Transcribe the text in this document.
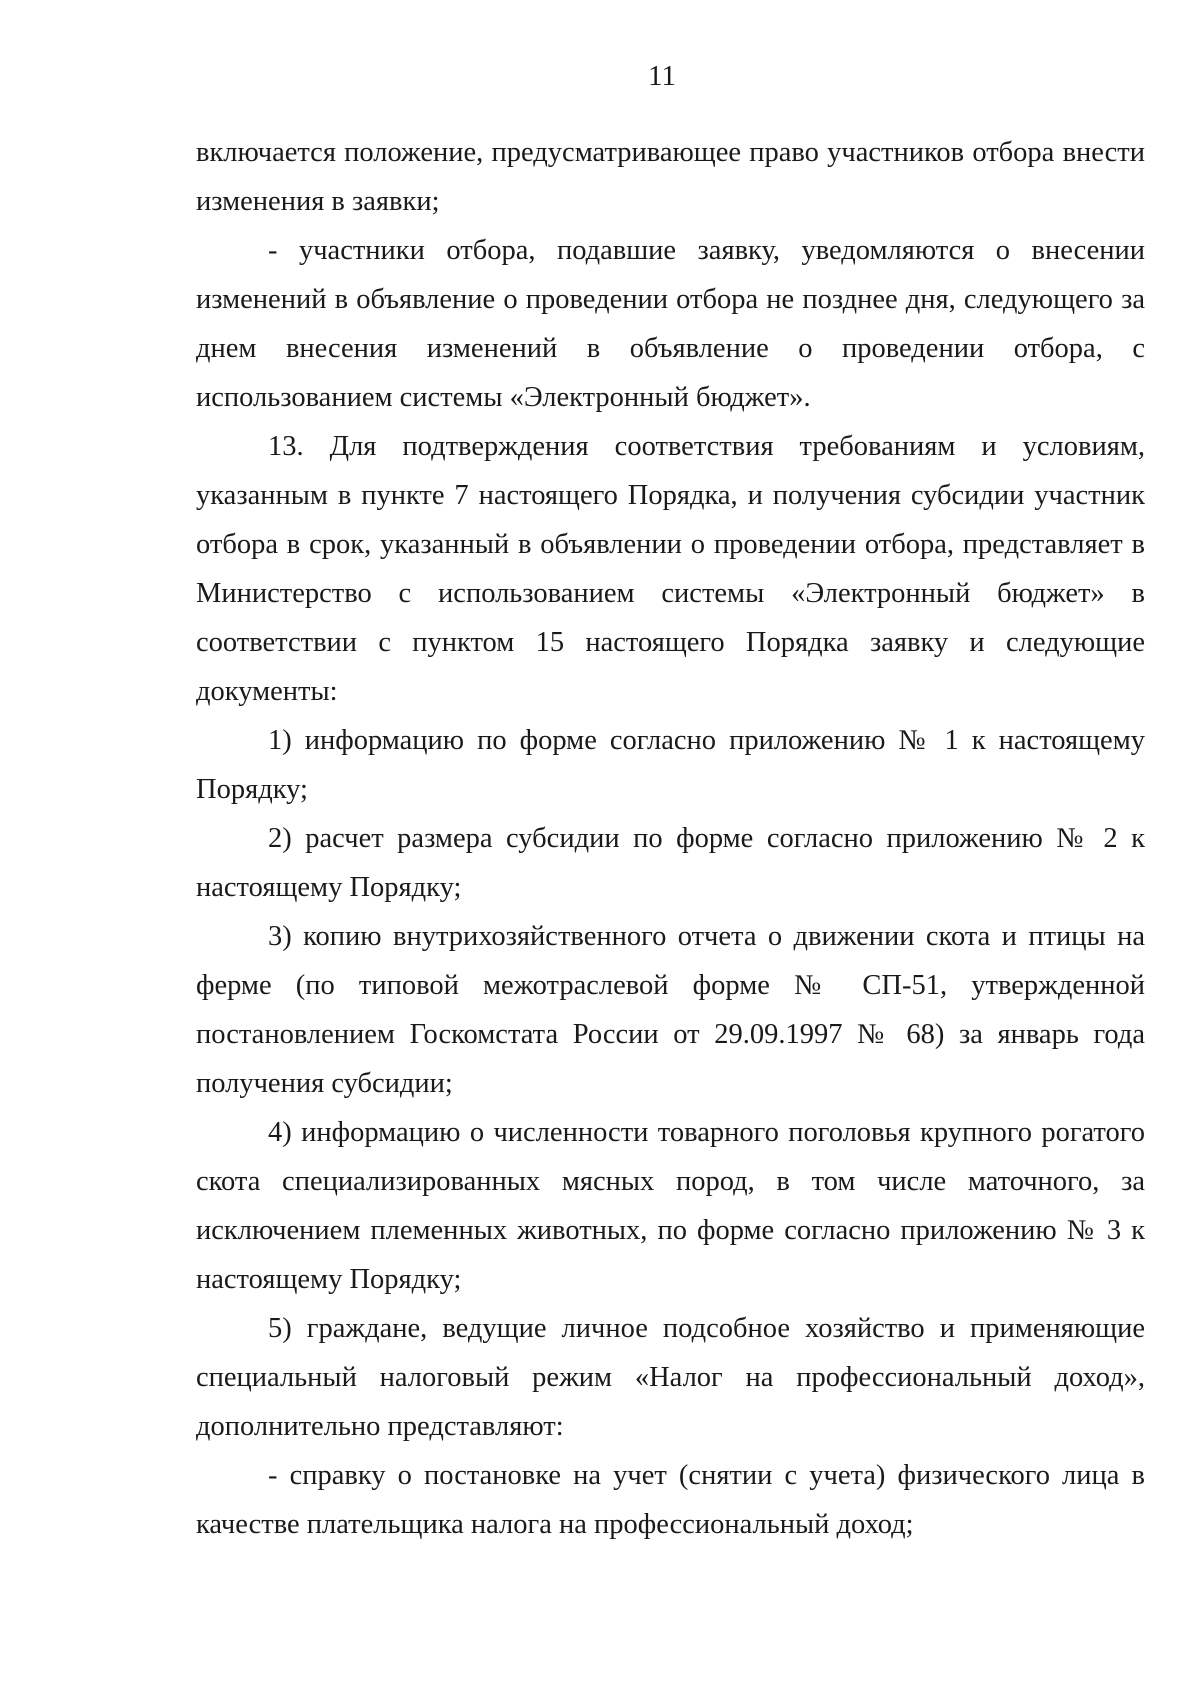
11

включается положение, предусматривающее право участников отбора внести изменения в заявки;

- участники отбора, подавшие заявку, уведомляются о внесении изменений в объявление о проведении отбора не позднее дня, следующего за днем внесения изменений в объявление о проведении отбора, с использованием системы «Электронный бюджет».

13. Для подтверждения соответствия требованиям и условиям, указанным в пункте 7 настоящего Порядка, и получения субсидии участник отбора в срок, указанный в объявлении о проведении отбора, представляет в Министерство с использованием системы «Электронный бюджет» в соответствии с пунктом 15 настоящего Порядка заявку и следующие документы:

1) информацию по форме согласно приложению № 1 к настоящему Порядку;

2) расчет размера субсидии по форме согласно приложению № 2 к настоящему Порядку;

3) копию внутрихозяйственного отчета о движении скота и птицы на ферме (по типовой межотраслевой форме № СП-51, утвержденной постановлением Госкомстата России от 29.09.1997 № 68) за январь года получения субсидии;

4) информацию о численности товарного поголовья крупного рогатого скота специализированных мясных пород, в том числе маточного, за исключением племенных животных, по форме согласно приложению № 3 к настоящему Порядку;

5) граждане, ведущие личное подсобное хозяйство и применяющие специальный налоговый режим «Налог на профессиональный доход», дополнительно представляют:

- справку о постановке на учет (снятии с учета) физического лица в качестве плательщика налога на профессиональный доход;
